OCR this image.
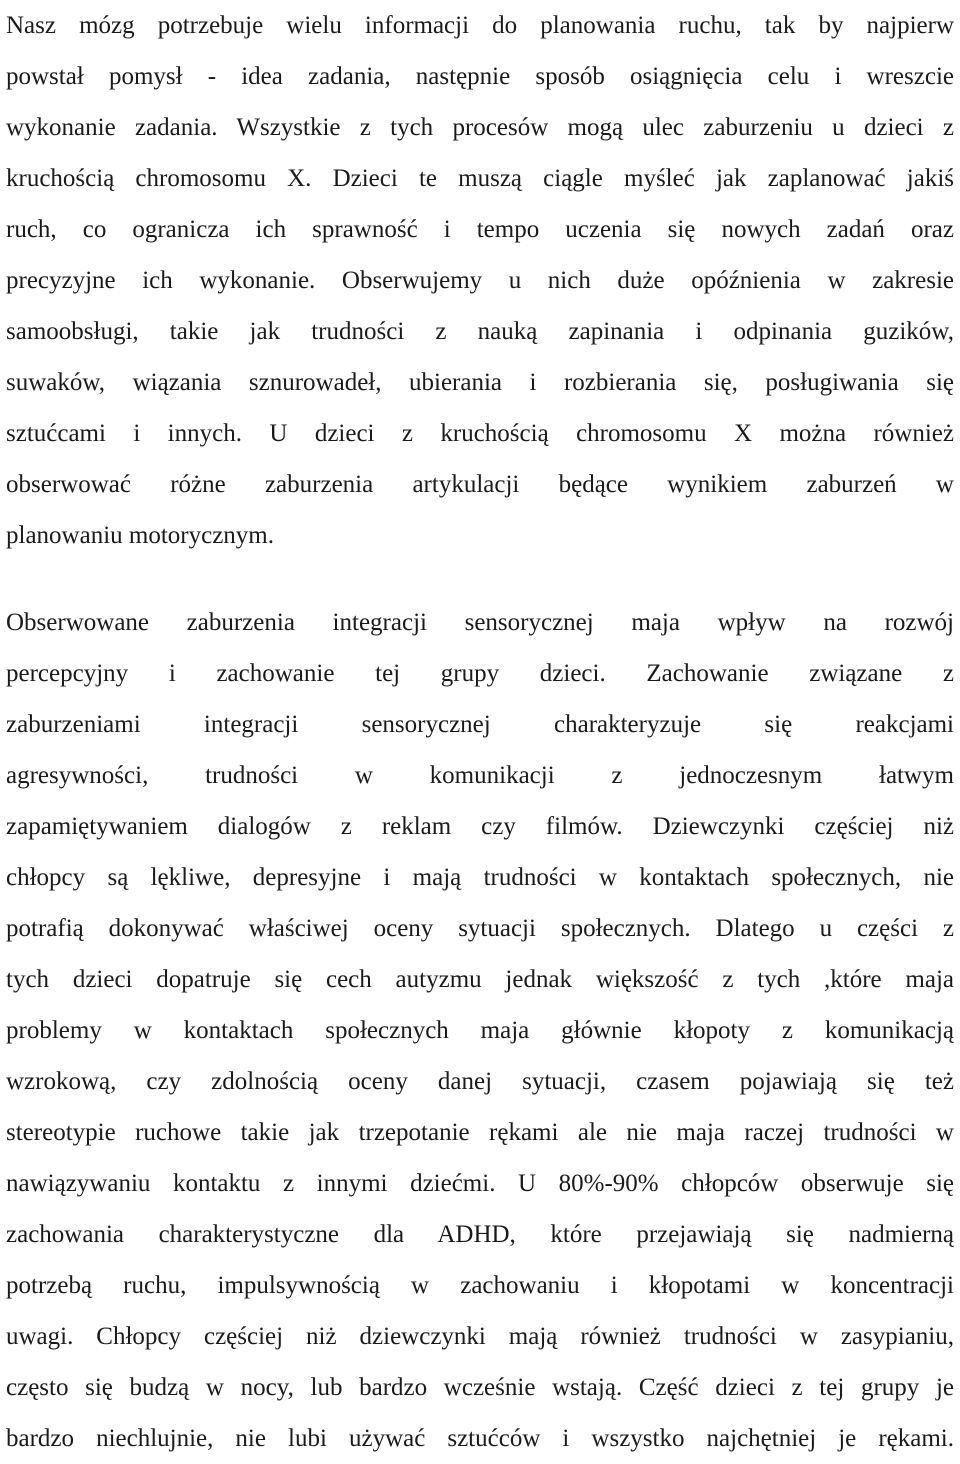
Nasz mózg potrzebuje wielu informacji do planowania ruchu, tak by najpierw
powstał pomysł - idea zadania, następnie sposób osiągnięcia celu i wreszcie
wykonanie zadania. Wszystkie z tych procesów mogą ulec zaburzeniu u dzieci z
kruchością chromosomu X. Dzieci te muszą ciągle myśleć jak zaplanować jakiś
ruch, co ogranicza ich sprawność i tempo uczenia się nowych zadań oraz
precyzyjne ich wykonanie. Obserwujemy u nich duże opóźnienia w zakresie
samoobsługi, takie jak trudności z nauką zapinania i odpinania guzików,
suwaków, wiązania sznurowadeł, ubierania i rozbierania się, posługiwania się
sztućcami i innych. U dzieci z kruchością chromosomu X można również
obserwować różne zaburzenia artykulacji będące wynikiem zaburzeń w
planowaniu motorycznym.
Obserwowane zaburzenia integracji sensorycznej maja wpływ na rozwój
percepcyjny i zachowanie tej grupy dzieci. Zachowanie związane z
zaburzeniami integracji sensorycznej charakteryzuje się reakcjami
agresywności, trudności w komunikacji z jednoczesnym łatwym
zapamiętywaniem dialogów z reklam czy filmów. Dziewczynki częściej niż
chłopcy są lękliwe, depresyjne i mają trudności w kontaktach społecznych, nie
potrafią dokonywać właściwej oceny sytuacji społecznych. Dlatego u części z
tych dzieci dopatruje się cech autyzmu jednak większość z tych ,które maja
problemy w kontaktach społecznych maja głównie kłopoty z komunikacją
wzrokową, czy zdolnością oceny danej sytuacji, czasem pojawiają się też
stereotypie ruchowe takie jak trzepotanie rękami ale nie maja raczej trudności w
nawiązywaniu kontaktu z innymi dziećmi. U 80%-90% chłopców obserwuje się
zachowania charakterystyczne dla ADHD, które przejawiają się nadmierną
potrzebą ruchu, impulsywnością w zachowaniu i kłopotami w koncentracji
uwagi. Chłopcy częściej niż dziewczynki mają również trudności w zasypianiu,
często się budzą w nocy, lub bardzo wcześnie wstają. Część dzieci z tej grupy je
bardzo niechlujnie, nie lubi używać sztućców i wszystko najchętniej je rękami.
